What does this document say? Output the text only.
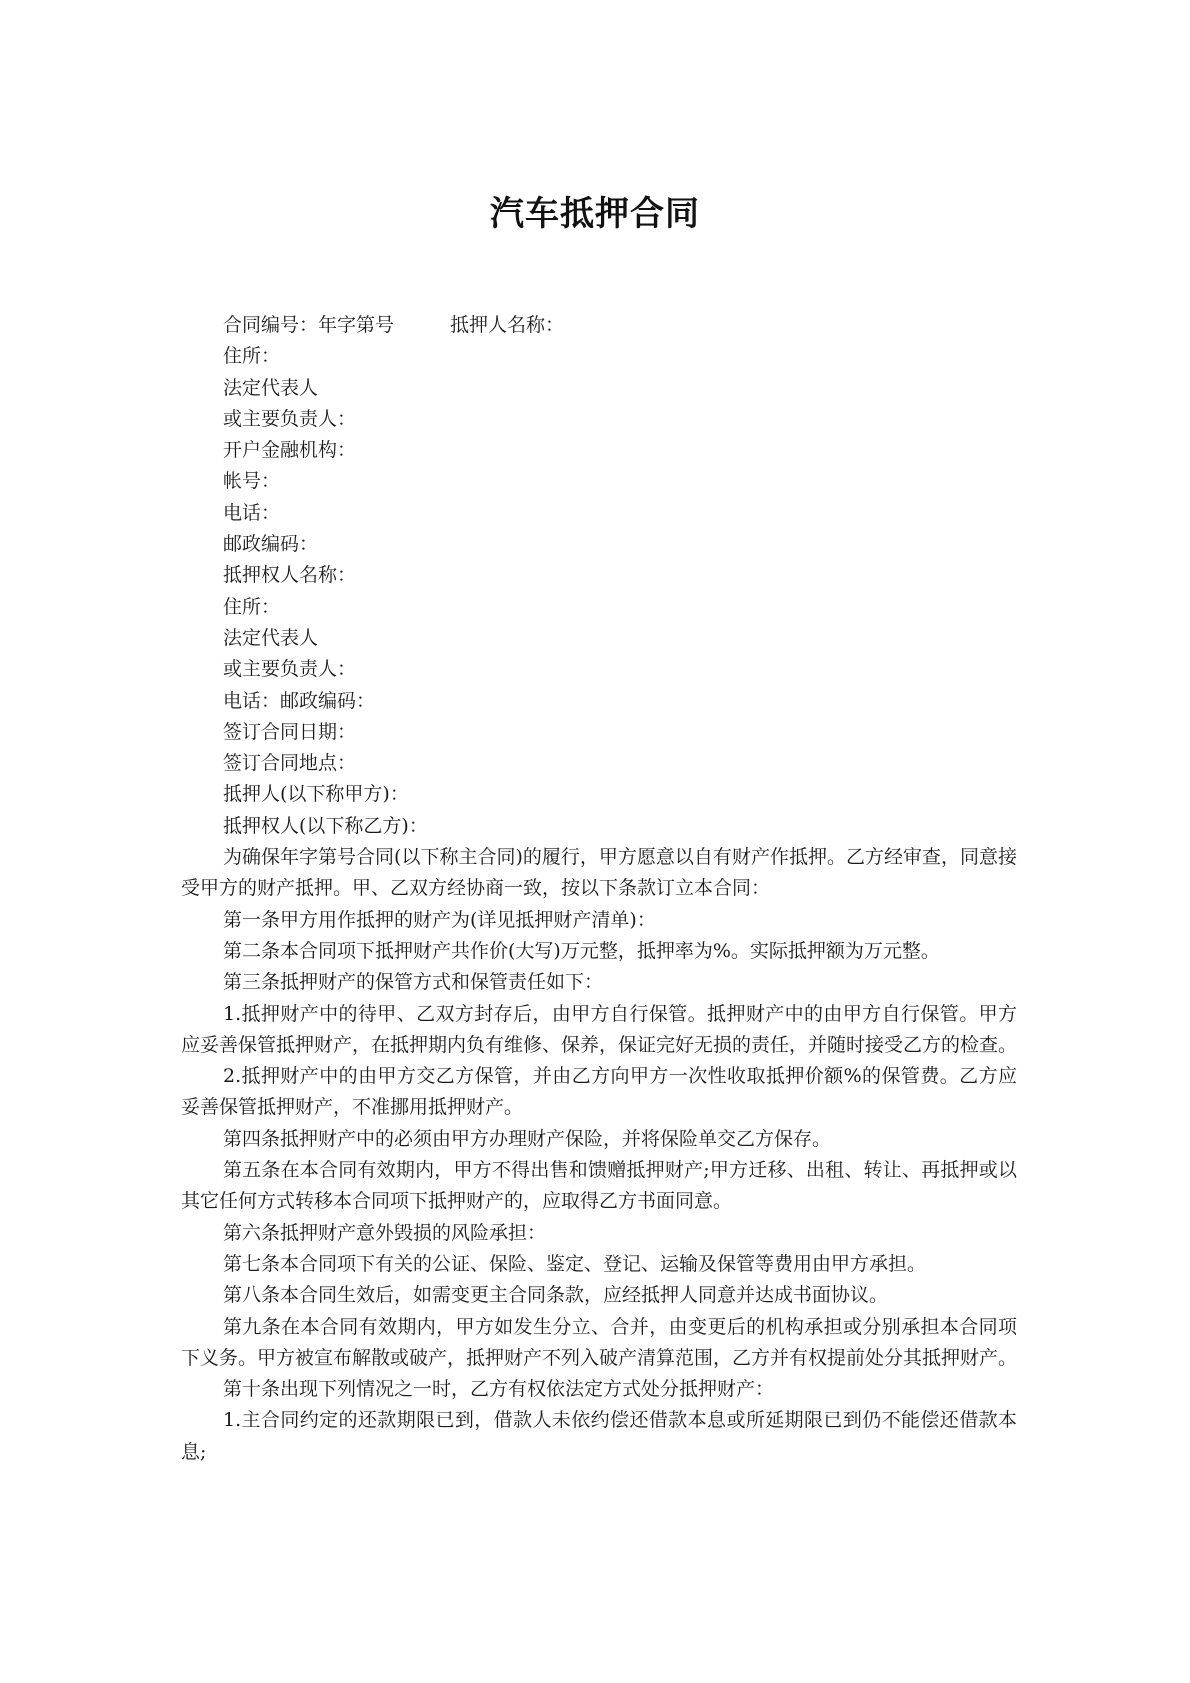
汽车抵押合同

合同编号：年字第号	抵押人名称：

住所：

法定代表人

或主要负责人：

开户金融机构：

帐号：

电话：

邮政编码：

抵押权人名称：

住所：

法定代表人

或主要负责人：

电话：邮政编码：

签订合同日期：

签订合同地点：

抵押人(以下称甲方)：

抵押权人(以下称乙方)：

为确保年字第号合同(以下称主合同)的履行，甲方愿意以自有财产作抵押。乙方经审查，同意接受甲方的财产抵押。甲、乙双方经协商一致，按以下条款订立本合同：

第一条甲方用作抵押的财产为(详见抵押财产清单)：

第二条本合同项下抵押财产共作价(大写)万元整，抵押率为%。实际抵押额为万元整。

第三条抵押财产的保管方式和保管责任如下：

1.抵押财产中的待甲、乙双方封存后，由甲方自行保管。抵押财产中的由甲方自行保管。甲方应妥善保管抵押财产，在抵押期内负有维修、保养，保证完好无损的责任，并随时接受乙方的检查。

2.抵押财产中的由甲方交乙方保管，并由乙方向甲方一次性收取抵押价额%的保管费。乙方应妥善保管抵押财产，不准挪用抵押财产。

第四条抵押财产中的必须由甲方办理财产保险，并将保险单交乙方保存。

第五条在本合同有效期内，甲方不得出售和馈赠抵押财产;甲方迁移、出租、转让、再抵押或以其它任何方式转移本合同项下抵押财产的，应取得乙方书面同意。

第六条抵押财产意外毁损的风险承担：

第七条本合同项下有关的公证、保险、鉴定、登记、运输及保管等费用由甲方承担。

第八条本合同生效后，如需变更主合同条款，应经抵押人同意并达成书面协议。

第九条在本合同有效期内，甲方如发生分立、合并，由变更后的机构承担或分别承担本合同项下义务。甲方被宣布解散或破产，抵押财产不列入破产清算范围，乙方并有权提前处分其抵押财产。

第十条出现下列情况之一时，乙方有权依法定方式处分抵押财产：

1.主合同约定的还款期限已到，借款人未依约偿还借款本息或所延期限已到仍不能偿还借款本息;
